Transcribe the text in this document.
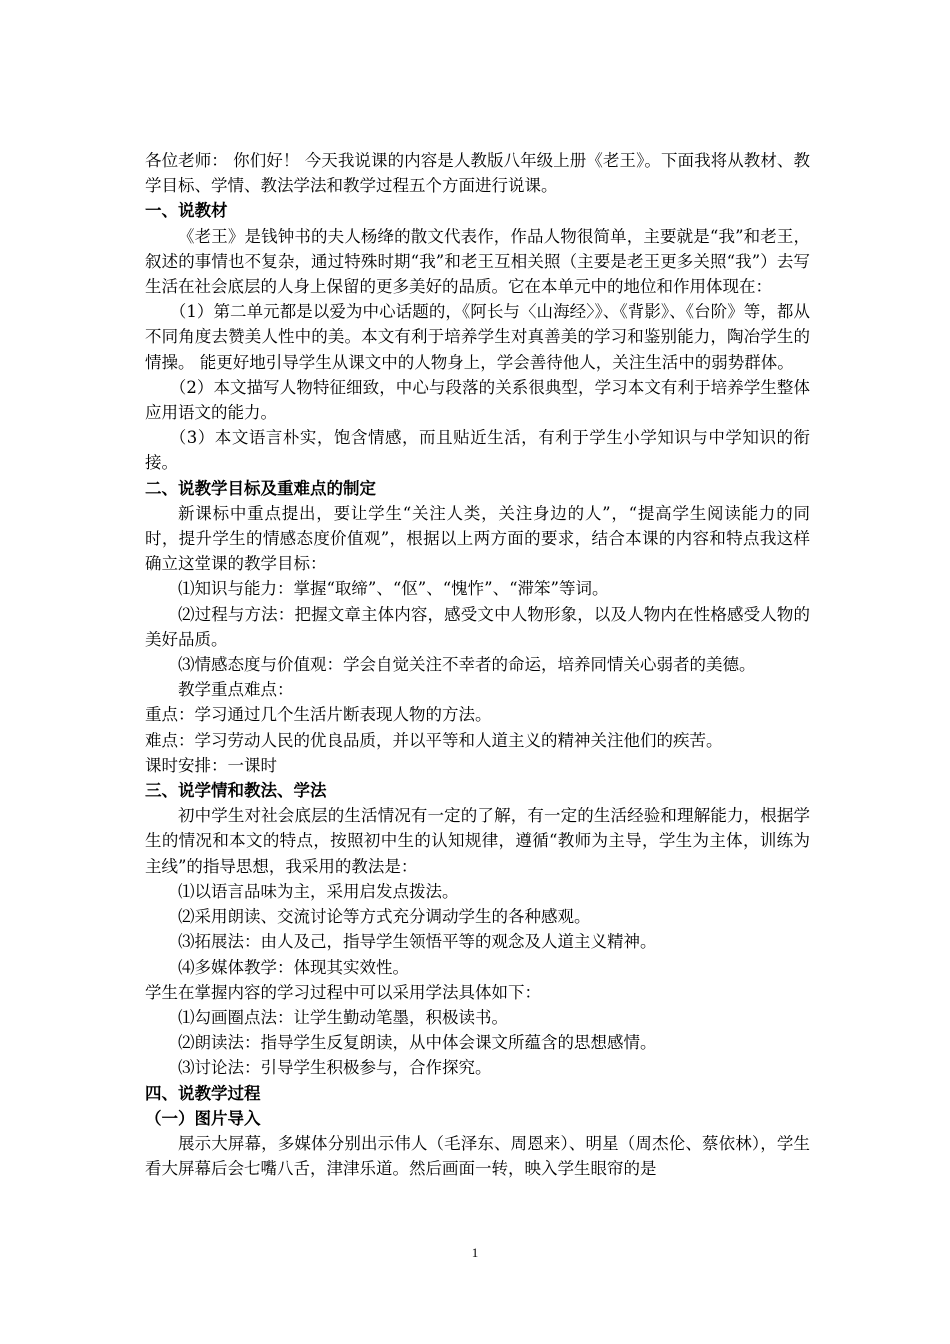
各位老师： 你们好！ 今天我说课的内容是人教版八年级上册《老王》。下面我将从教材、教学目标、学情、教法学法和教学过程五个方面进行说课。

一、说教材

《老王》是钱钟书的夫人杨绛的散文代表作，作品人物很简单，主要就是“我”和老王，叙述的事情也不复杂，通过特殊时期“我”和老王互相关照（主要是老王更多关照“我”）去写生活在社会底层的人身上保留的更多美好的品质。它在本单元中的地位和作用体现在：

（1）第二单元都是以爱为中心话题的，《阿长与〈山海经〉》、《背影》、《台阶》等，都从不同角度去赞美人性中的美。本文有利于培养学生对真善美的学习和鉴别能力，陶冶学生的情操。 能更好地引导学生从课文中的人物身上，学会善待他人，关注生活中的弱势群体。

（2）本文描写人物特征细致，中心与段落的关系很典型，学习本文有利于培养学生整体应用语文的能力。

（3）本文语言朴实，饱含情感，而且贴近生活，有利于学生小学知识与中学知识的衔接。

二、说教学目标及重难点的制定

新课标中重点提出，要让学生“关注人类，关注身边的人”，“提高学生阅读能力的同时，提升学生的情感态度价值观”，根据以上两方面的要求，结合本课的内容和特点我这样确立这堂课的教学目标：

⑴知识与能力：掌握“取缔”、“伛”、“愧怍”、“滞笨”等词。

⑵过程与方法：把握文章主体内容，感受文中人物形象，以及人物内在性格感受人物的美好品质。

⑶情感态度与价值观：学会自觉关注不幸者的命运，培养同情关心弱者的美德。

教学重点难点：

重点：学习通过几个生活片断表现人物的方法。

难点：学习劳动人民的优良品质，并以平等和人道主义的精神关注他们的疾苦。

课时安排：一课时

三、说学情和教法、学法

初中学生对社会底层的生活情况有一定的了解，有一定的生活经验和理解能力，根据学生的情况和本文的特点，按照初中生的认知规律，遵循“教师为主导，学生为主体，训练为主线”的指导思想，我采用的教法是：

⑴以语言品味为主，采用启发点拨法。

⑵采用朗读、交流讨论等方式充分调动学生的各种感观。

⑶拓展法：由人及己，指导学生领悟平等的观念及人道主义精神。

⑷多媒体教学：体现其实效性。

学生在掌握内容的学习过程中可以采用学法具体如下：

⑴勾画圈点法：让学生勤动笔墨，积极读书。

⑵朗读法：指导学生反复朗读，从中体会课文所蕴含的思想感情。

⑶讨论法：引导学生积极参与，合作探究。

四、说教学过程

（一）图片导入

展示大屏幕，多媒体分别出示伟人（毛泽东、周恩来）、明星（周杰伦、蔡依林），学生看大屏幕后会七嘴八舌，津津乐道。然后画面一转，映入学生眼帘的是

1
